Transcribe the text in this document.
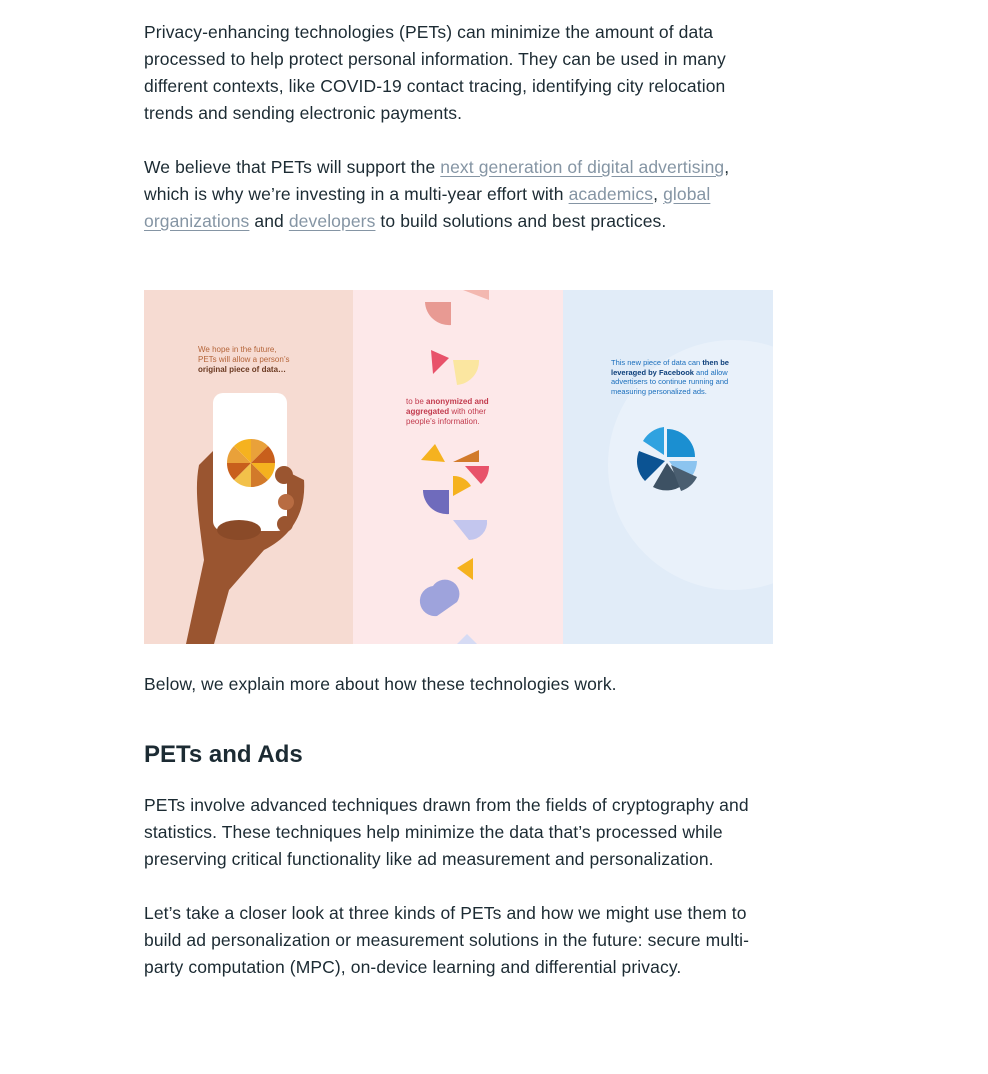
Privacy-enhancing technologies (PETs) can minimize the amount of data processed to help protect personal information. They can be used in many different contexts, like COVID-19 contact tracing, identifying city relocation trends and sending electronic payments.

We believe that PETs will support the next generation of digital advertising, which is why we’re investing in a multi-year effort with academics, global organizations and developers to build solutions and best practices.

We hope in the future,
PETs will allow a person’s
original piece of data…
to be anonymized and
aggregated with other
people’s information.
This new piece of data can then be
leveraged by Facebook and allow
advertisers to continue running and
measuring personalized ads.

Below, we explain more about how these technologies work.

PETs and Ads

PETs involve advanced techniques drawn from the fields of cryptography and statistics. These techniques help minimize the data that’s processed while preserving critical functionality like ad measurement and personalization.

Let’s take a closer look at three kinds of PETs and how we might use them to build ad personalization or measurement solutions in the future: secure multi-party computation (MPC), on-device learning and differential privacy.
